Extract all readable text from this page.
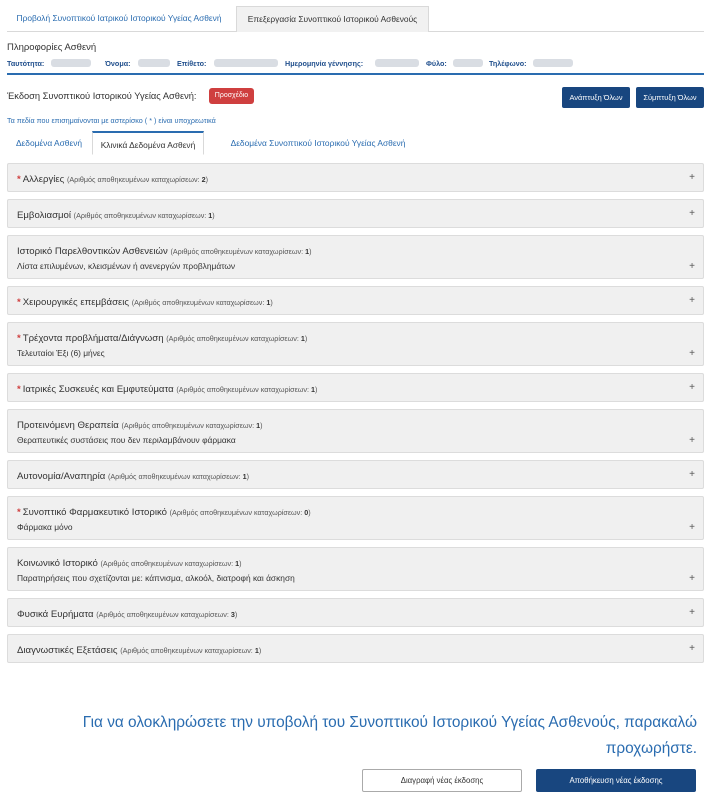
Προβολή Συνοπτικού Ιατρικού Ιστορικού Υγείας Ασθενή	Επεξεργασία Συνοπτικού Ιστορικού Ασθενούς
Πληροφορίες Ασθενή
Ταυτότητα:	Όνομα:	Επίθετο:	Ημερομηνία γέννησης:	Φύλο:	Τηλέφωνο:
Έκδοση Συνοπτικού Ιστορικού Υγείας Ασθενή:	Προσχέδιο	Ανάπτυξη Όλων	Σύμπτυξη Όλων
Τα πεδία που επισημαίνονται με αστερίσκο ( * ) είναι υποχρεωτικά
Δεδομένα Ασθενή	Κλινικά Δεδομένα Ασθενή	Δεδομένα Συνοπτικού Ιστορικού Υγείας Ασθενή
* Αλλεργίες (Αριθμός αποθηκευμένων καταχωρίσεων: 2)	+
Εμβολιασμοί (Αριθμός αποθηκευμένων καταχωρίσεων: 1)	+
Ιστορικό Παρελθοντικών Ασθενειών (Αριθμός αποθηκευμένων καταχωρίσεων: 1)
Λίστα επιλυμένων, κλεισμένων ή ανενεργών προβλημάτων	+
* Χειρουργικές επεμβάσεις (Αριθμός αποθηκευμένων καταχωρίσεων: 1)	+
* Τρέχοντα προβλήματα/Διάγνωση (Αριθμός αποθηκευμένων καταχωρίσεων: 1)
Τελευταίοι Έξι (6) μήνες	+
* Ιατρικές Συσκευές και Εμφυτεύματα (Αριθμός αποθηκευμένων καταχωρίσεων: 1)	+
Προτεινόμενη Θεραπεία (Αριθμός αποθηκευμένων καταχωρίσεων: 1)
Θεραπευτικές συστάσεις που δεν περιλαμβάνουν φάρμακα	+
Αυτονομία/Αναπηρία (Αριθμός αποθηκευμένων καταχωρίσεων: 1)	+
* Συνοπτικό Φαρμακευτικό Ιστορικό (Αριθμός αποθηκευμένων καταχωρίσεων: 0)
Φάρμακα μόνο	+
Κοινωνικό Ιστορικό (Αριθμός αποθηκευμένων καταχωρίσεων: 1)
Παρατηρήσεις που σχετίζονται με: κάπνισμα, αλκοόλ, διατροφή και άσκηση	+
Φυσικά Ευρήματα (Αριθμός αποθηκευμένων καταχωρίσεων: 3)	+
Διαγνωστικές Εξετάσεις (Αριθμός αποθηκευμένων καταχωρίσεων: 1)	+
Για να ολοκληρώσετε την υποβολή του Συνοπτικού Ιστορικού Υγείας Ασθενούς, παρακαλώ προχωρήστε.
Διαγραφή νέας έκδοσης	Αποθήκευση νέας έκδοσης
